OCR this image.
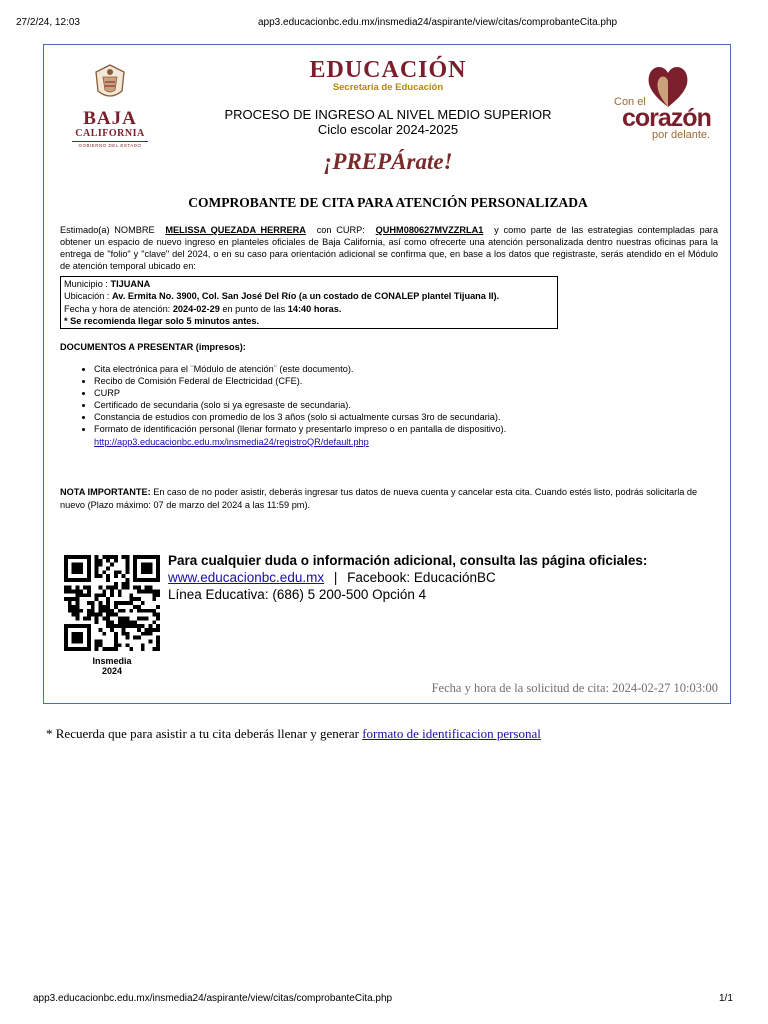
27/2/24, 12:03	app3.educacionbc.edu.mx/insmedia24/aspirante/view/citas/comprobanteCita.php
BAJA
CALIFORNIA
GOBIERNO DEL ESTADO
EDUCACIÓN
Secretaría de Educación
PROCESO DE INGRESO AL NIVEL MEDIO SUPERIOR
Ciclo escolar 2024-2025
Con el
corazón
por delante.
¡PREPÁrate!
COMPROBANTE DE CITA PARA ATENCIÓN PERSONALIZADA
Estimado(a) NOMBRE MELISSA QUEZADA HERRERA con CURP: QUHM080627MVZZRLA1 y como parte de las estrategias contempladas para obtener un espacio de nuevo ingreso en planteles oficiales de Baja California, así como ofrecerte una atención personalizada dentro nuestras oficinas para la entrega de "folio" y "clave" del 2024, o en su caso para orientación adicional se confirma que, en base a los datos que registraste, serás atendido en el Módulo de atención temporal ubicado en:
Municipio : TIJUANA
Ubicación : Av. Ermita No. 3900, Col. San José Del Río (a un costado de CONALEP plantel Tijuana II).
Fecha y hora de atención: 2024-02-29 en punto de las 14:40 horas.
* Se recomienda llegar solo 5 minutos antes.
DOCUMENTOS A PRESENTAR (impresos):
• Cita electrónica para el ¨Módulo de atención¨ (este documento).
• Recibo de Comisión Federal de Electricidad (CFE).
• CURP
• Certificado de secundaria (solo si ya egresaste de secundaria).
• Constancia de estudios con promedio de los 3 años (solo si actualmente cursas 3ro de secundaria).
• Formato de identificación personal (llenar formato y presentarlo impreso o en pantalla de dispositivo).
http://app3.educacionbc.edu.mx/insmedia24/registroQR/default.php
NOTA IMPORTANTE: En caso de no poder asistir, deberás ingresar tus datos de nueva cuenta y cancelar esta cita. Cuando estés listo, podrás solicitarla de nuevo (Plazo máximo: 07 de marzo del 2024 a las 11:59 pm).
Insmedia
2024
Para cualquier duda o información adicional, consulta las página oficiales:
www.educacionbc.edu.mx | Facebook: EducaciónBC
Línea Educativa: (686) 5 200-500 Opción 4
Fecha y hora de la solicitud de cita: 2024-02-27 10:03:00
* Recuerda que para asistir a tu cita deberás llenar y generar formato de identificacion personal
app3.educacionbc.edu.mx/insmedia24/aspirante/view/citas/comprobanteCita.php	1/1
